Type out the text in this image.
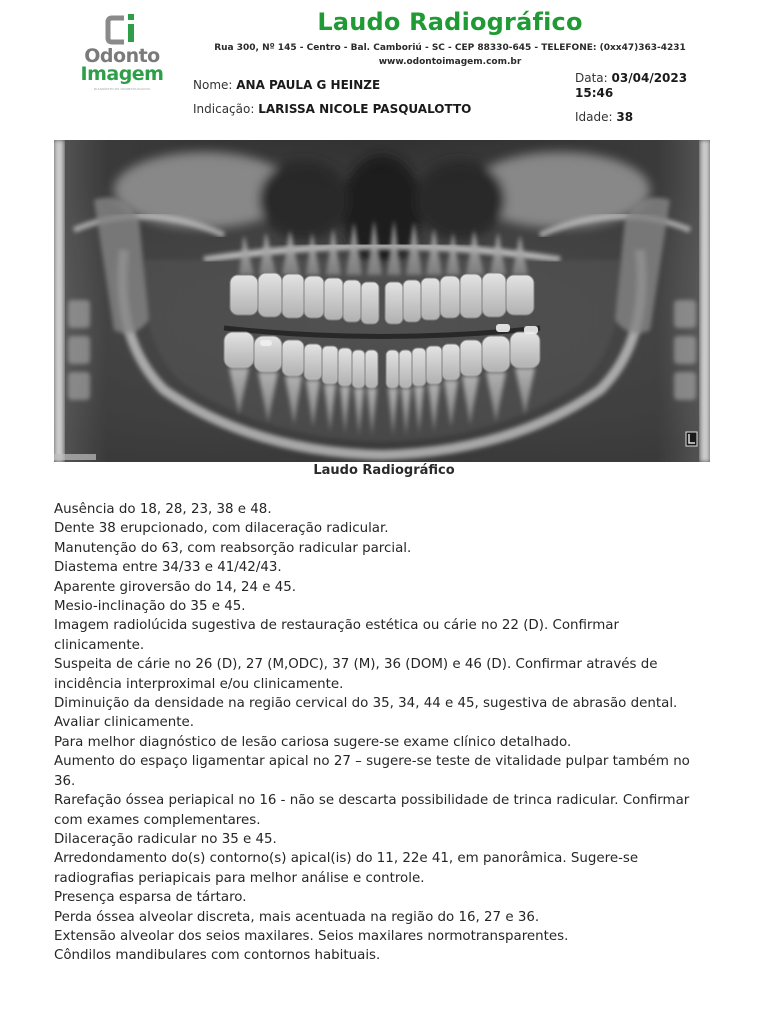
Odonto
Imagem
DIAGNÓSTICOS ODONTOLÓGICOS
Laudo Radiográfico
Rua 300, Nº 145 - Centro - Bal. Camboriú - SC - CEP 88330-645 - TELEFONE: (0xx47)363-4231
www.odontoimagem.com.br
Nome: ANA PAULA G HEINZE
Indicação: LARISSA NICOLE PASQUALOTTO
Data: 03/04/2023
15:46
Idade: 38
Laudo Radiográfico

Ausência do 18, 28, 23, 38 e 48.

Dente 38 erupcionado, com dilaceração radicular.

Manutenção do 63, com reabsorção radicular parcial.

Diastema entre 34/33 e 41/42/43.

Aparente giroversão do 14, 24 e 45.

Mesio-inclinação do 35 e 45.

Imagem radiolúcida sugestiva de restauração estética ou cárie no 22 (D). Confirmar clinicamente.

Suspeita de cárie no 26 (D), 27 (M,ODC), 37 (M), 36 (DOM) e 46 (D). Confirmar através de incidência interproximal e/ou clinicamente.

Diminuição da densidade na região cervical do 35, 34, 44 e 45, sugestiva de abrasão dental. Avaliar clinicamente.

Para melhor diagnóstico de lesão cariosa sugere-se exame clínico detalhado.

Aumento do espaço ligamentar apical no 27 – sugere-se teste de vitalidade pulpar também no 36.

Rarefação óssea periapical no 16 - não se descarta possibilidade de trinca radicular. Confirmar com exames complementares.

Dilaceração radicular no 35 e 45.

Arredondamento do(s) contorno(s) apical(is) do 11, 22e 41, em panorâmica. Sugere-se radiografias periapicais para melhor análise e controle.

Presença esparsa de tártaro.

Perda óssea alveolar discreta, mais acentuada na região do 16, 27 e 36.

Extensão alveolar dos seios maxilares. Seios maxilares normotransparentes.

Côndilos mandibulares com contornos habituais.
